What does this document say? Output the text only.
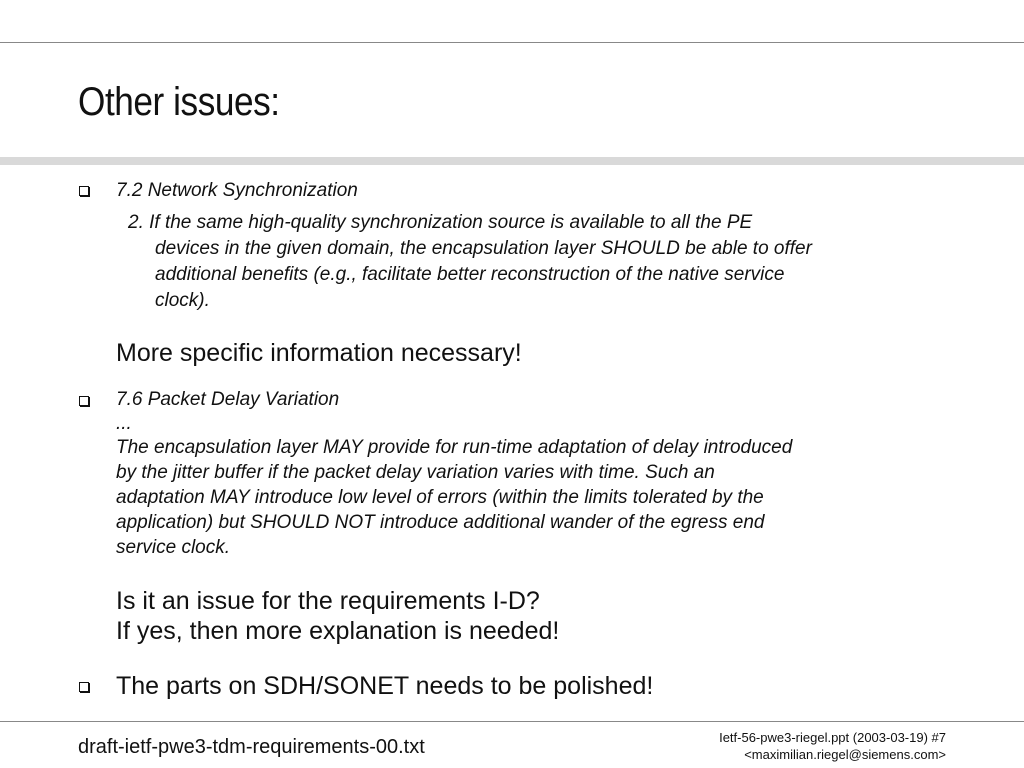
Other issues:
7.2 Network Synchronization
2. If the same high-quality synchronization source is available to all the PE
devices in the given domain, the encapsulation layer SHOULD be able to offer
additional benefits (e.g., facilitate better reconstruction of the native service
clock).
More specific information necessary!
7.6 Packet Delay Variation
...
The encapsulation layer MAY provide for run-time adaptation of delay introduced
by the jitter buffer if the packet delay variation varies with time. Such an
adaptation MAY introduce low level of errors (within the limits tolerated by the
application) but SHOULD NOT introduce additional wander of the egress end
service clock.
Is it an issue for the requirements I-D?
If yes, then more explanation is needed!
The parts on SDH/SONET needs to be polished!
draft-ietf-pwe3-tdm-requirements-00.txt	Ietf-56-pwe3-riegel.ppt (2003-03-19) #7
<maximilian.riegel@siemens.com>
